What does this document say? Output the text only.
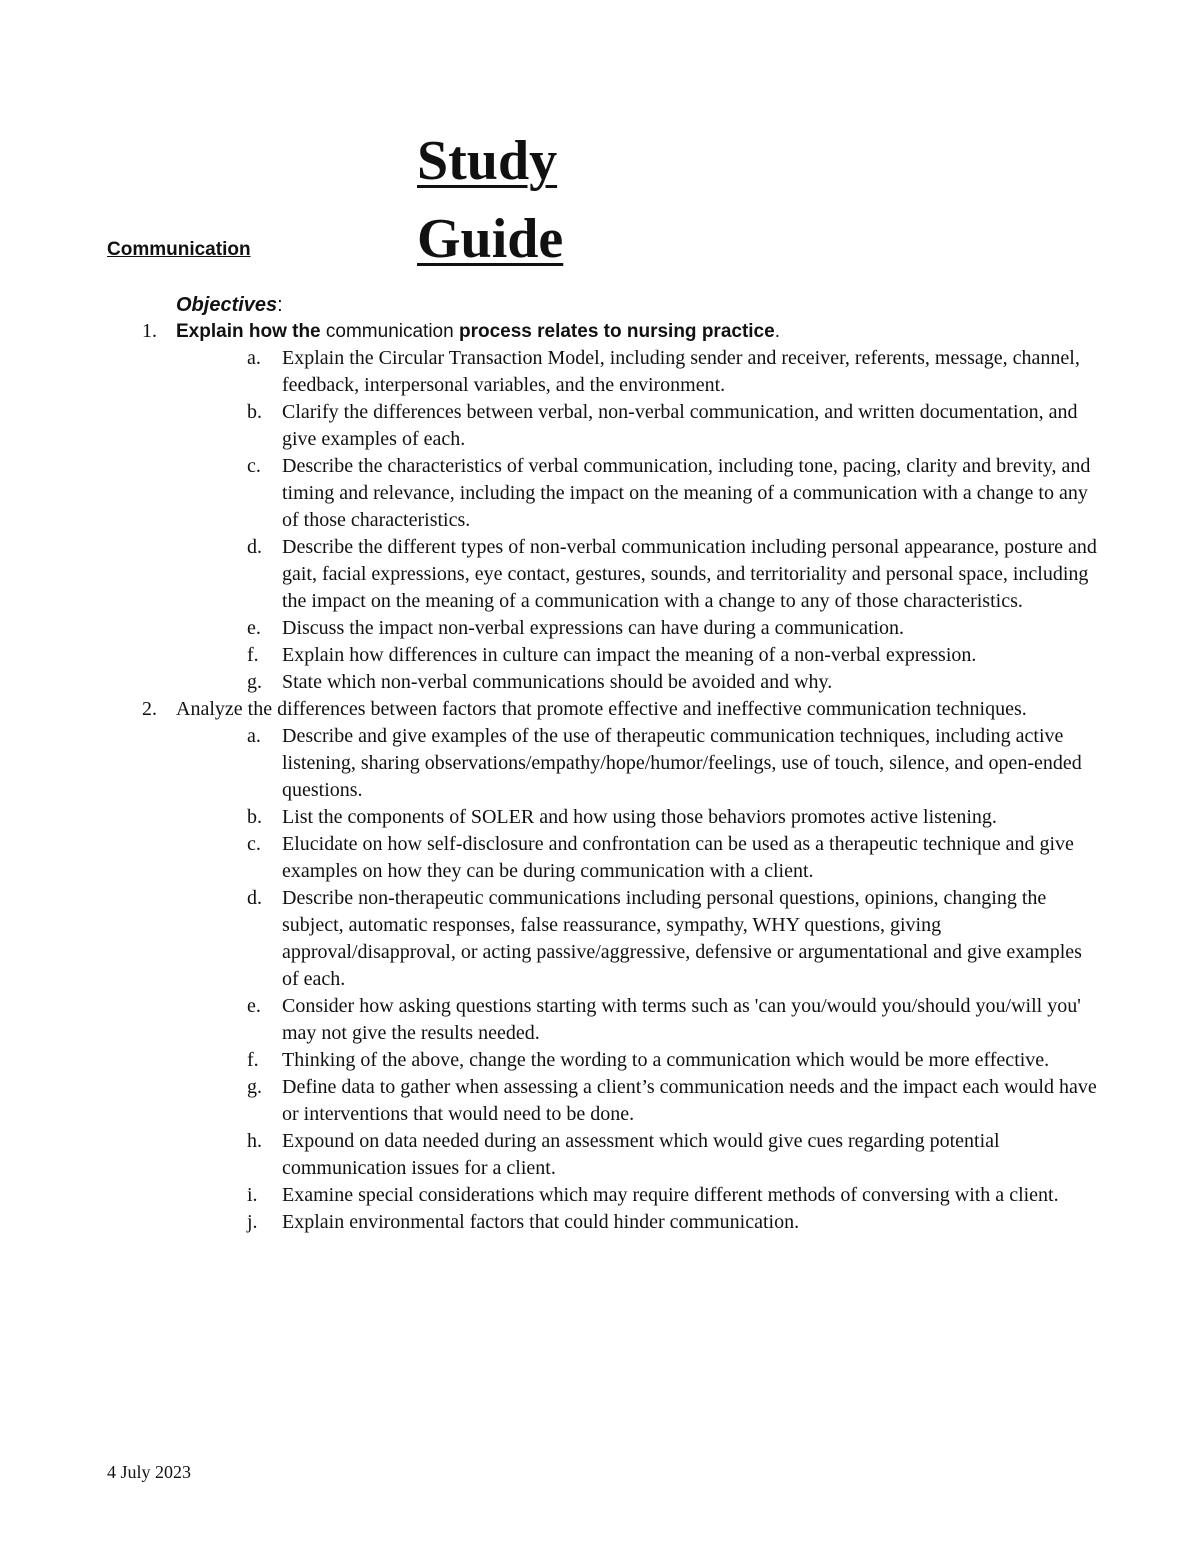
Communication
Study
Guide
Objectives:
1. Explain how the communication process relates to nursing practice.
a. Explain the Circular Transaction Model, including sender and receiver, referents, message, channel, feedback, interpersonal variables, and the environment.
b. Clarify the differences between verbal, non-verbal communication, and written documentation, and give examples of each.
c. Describe the characteristics of verbal communication, including tone, pacing, clarity and brevity, and timing and relevance, including the impact on the meaning of a communication with a change to any of those characteristics.
d. Describe the different types of non-verbal communication including personal appearance, posture and gait, facial expressions, eye contact, gestures, sounds, and territoriality and personal space, including the impact on the meaning of a communication with a change to any of those characteristics.
e. Discuss the impact non-verbal expressions can have during a communication.
f. Explain how differences in culture can impact the meaning of a non-verbal expression.
g. State which non-verbal communications should be avoided and why.
2. Analyze the differences between factors that promote effective and ineffective communication techniques.
a. Describe and give examples of the use of therapeutic communication techniques, including active listening, sharing observations/empathy/hope/humor/feelings, use of touch, silence, and open-ended questions.
b. List the components of SOLER and how using those behaviors promotes active listening.
c. Elucidate on how self-disclosure and confrontation can be used as a therapeutic technique and give examples on how they can be during communication with a client.
d. Describe non-therapeutic communications including personal questions, opinions, changing the subject, automatic responses, false reassurance, sympathy, WHY questions, giving approval/disapproval, or acting passive/aggressive, defensive or argumentational and give examples of each.
e. Consider how asking questions starting with terms such as 'can you/would you/should you/will you' may not give the results needed.
f. Thinking of the above, change the wording to a communication which would be more effective.
g. Define data to gather when assessing a client’s communication needs and the impact each would have or interventions that would need to be done.
h. Expound on data needed during an assessment which would give cues regarding potential communication issues for a client.
i. Examine special considerations which may require different methods of conversing with a client.
j. Explain environmental factors that could hinder communication.
4 July 2023
